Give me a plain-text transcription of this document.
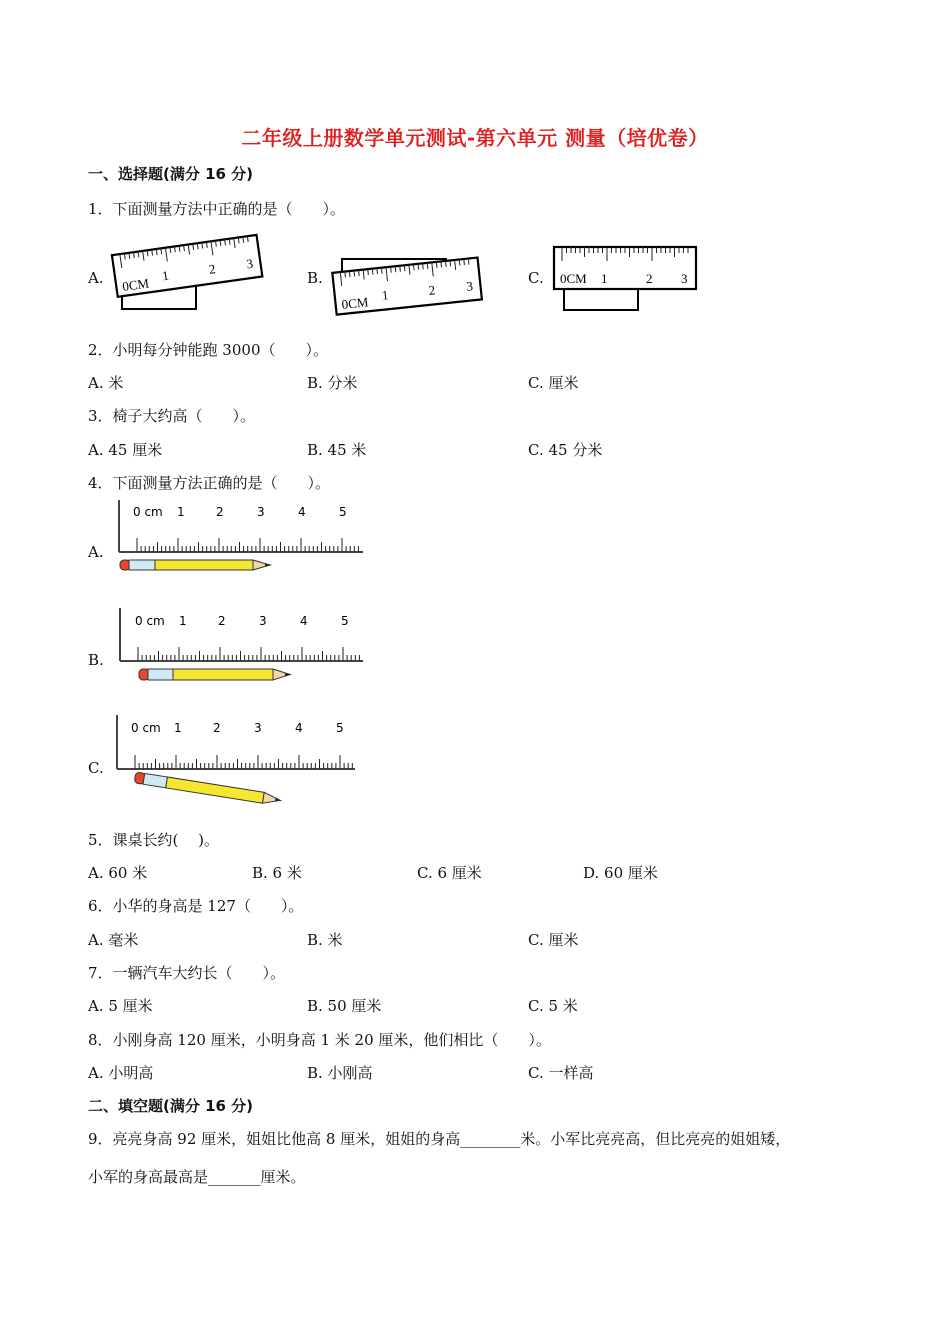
二年级上册数学单元测试-第六单元 测量（培优卷）
一、选择题(满分 16 分)
1．下面测量方法中正确的是（　　）。
A.	B.	C.
0CM 1	2 3
0CM 1	2 3	0CM 1	2 3
2．小明每分钟能跑 3000（　　）。
A. 米	B. 分米	C. 厘米
3．椅子大约高（　　）。
A. 45 厘米	B. 45 米	C. 45 分米
4．下面测量方法正确的是（　　）。
A.
B.
C.
0 cm 1	2	3	4	5
0 cm 1	2	3	4	5
0 cm 1	2	3	4	5
5．课桌长约(　 )。
A. 60 米	B. 6 米	C. 6 厘米	D. 60 厘米
6．小华的身高是 127（　　）。
A. 毫米	B. 米	C. 厘米
7．一辆汽车大约长（　　）。
A. 5 厘米	B. 50 厘米	C. 5 米
8．小刚身高 120 厘米，小明身高 1 米 20 厘米，他们相比（　　）。
A. 小明高	B. 小刚高	C. 一样高
二、填空题(满分 16 分)
9．亮亮身高 92 厘米，姐姐比他高 8 厘米，姐姐的身高________米。小军比亮亮高，但比亮亮的姐姐矮，
小军的身高最高是_______厘米。
